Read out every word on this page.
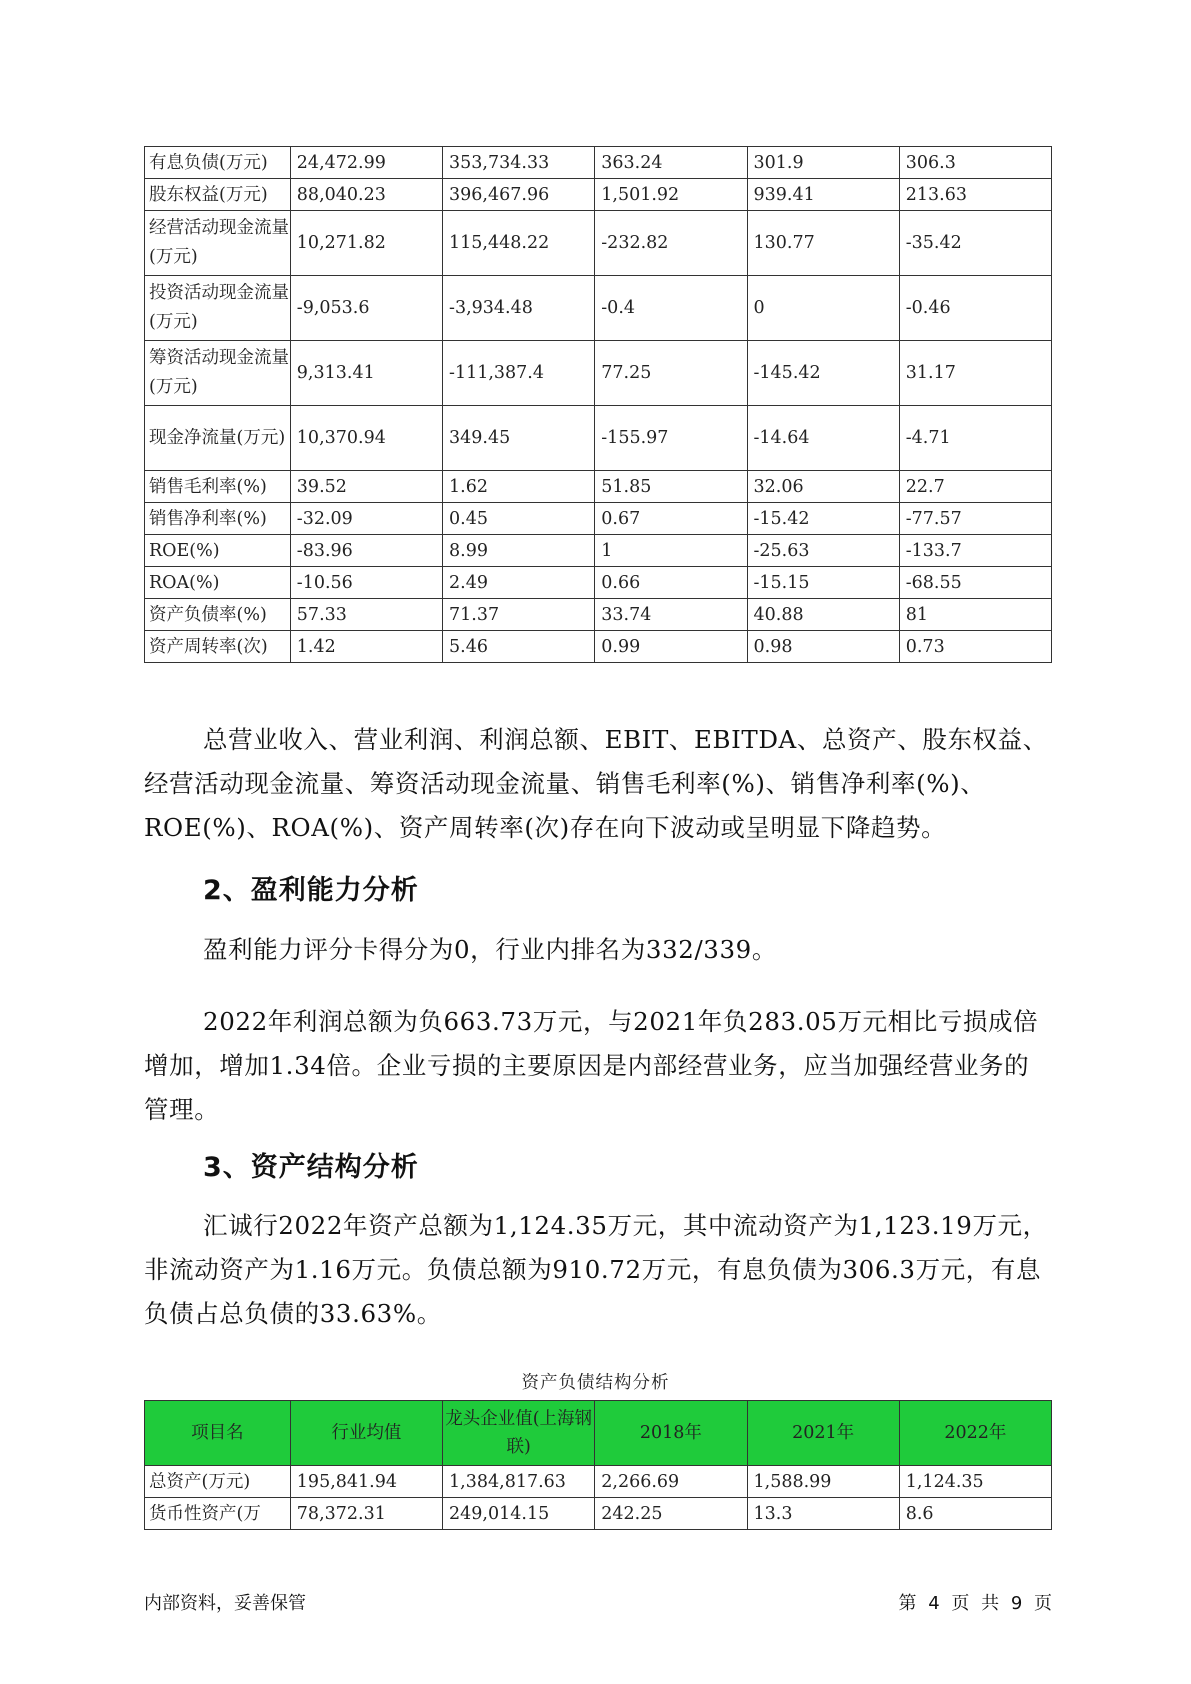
有息负债(万元)	24,472.99	353,734.33	363.24	301.9	306.3
股东权益(万元)	88,040.23	396,467.96	1,501.92	939.41	213.63
经营活动现金流量(万元)	10,271.82	115,448.22	-232.82	130.77	-35.42
投资活动现金流量(万元)	-9,053.6	-3,934.48	-0.4	0	-0.46
筹资活动现金流量(万元)	9,313.41	-111,387.4	77.25	-145.42	31.17
现金净流量(万元)	10,370.94	349.45	-155.97	-14.64	-4.71
销售毛利率(%)	39.52	1.62	51.85	32.06	22.7
销售净利率(%)	-32.09	0.45	0.67	-15.42	-77.57
ROE(%)	-83.96	8.99	1	-25.63	-133.7
ROA(%)	-10.56	2.49	0.66	-15.15	-68.55
资产负债率(%)	57.33	71.37	33.74	40.88	81
资产周转率(次)	1.42	5.46	0.99	0.98	0.73
总营业收入、营业利润、利润总额、EBIT、EBITDA、总资产、股东权益、经营活动现金流量、筹资活动现金流量、销售毛利率(%)、销售净利率(%)、ROE(%)、ROA(%)、资产周转率(次)存在向下波动或呈明显下降趋势。
2、盈利能力分析
盈利能力评分卡得分为0，行业内排名为332/339。
2022年利润总额为负663.73万元，与2021年负283.05万元相比亏损成倍增加，增加1.34倍。企业亏损的主要原因是内部经营业务，应当加强经营业务的管理。
3、资产结构分析
汇诚行2022年资产总额为1,124.35万元，其中流动资产为1,123.19万元，非流动资产为1.16万元。负债总额为910.72万元，有息负债为306.3万元，有息负债占总负债的33.63%。
资产负债结构分析
项目名	行业均值	龙头企业值(上海钢联)	2018年	2021年	2022年
总资产(万元)	195,841.94	1,384,817.63	2,266.69	1,588.99	1,124.35
货币性资产(万	78,372.31	249,014.15	242.25	13.3	8.6
内部资料，妥善保管	第 4 页 共 9 页
